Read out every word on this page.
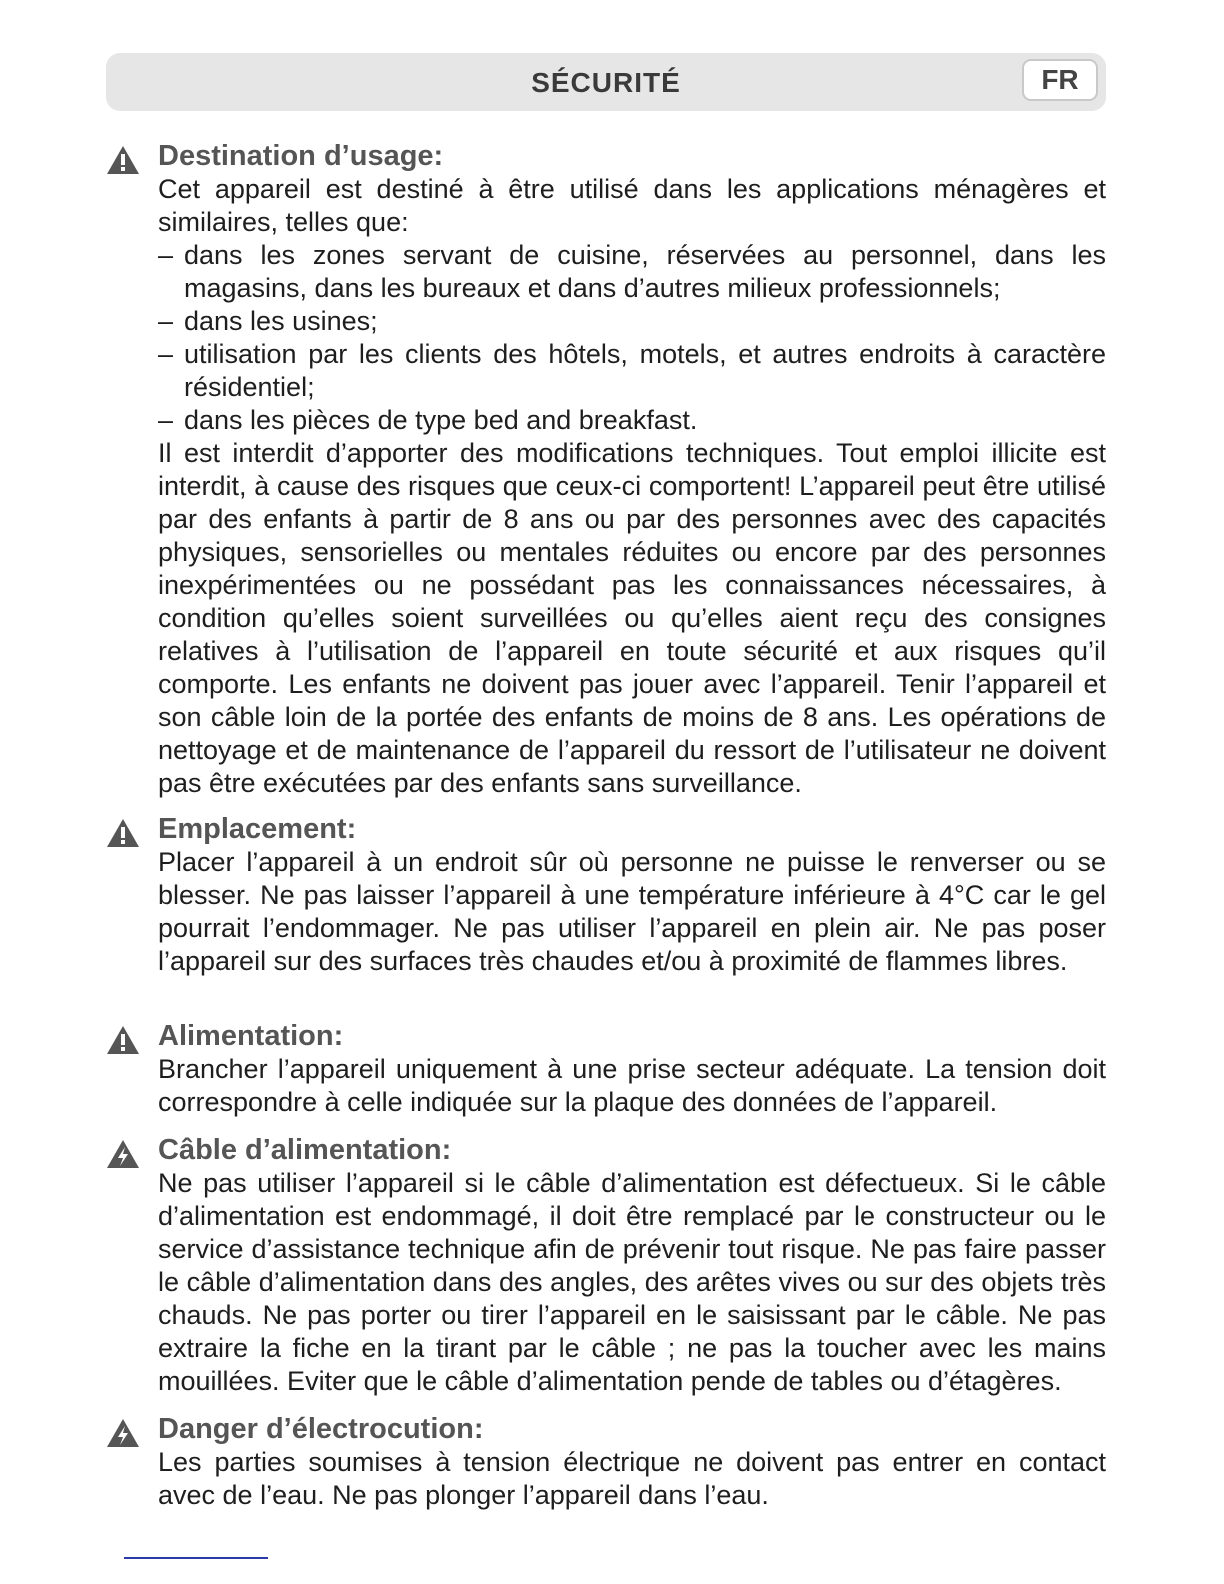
SÉCURITÉ	FR
Destination d’usage:
Cet appareil est destiné à être utilisé dans les applications ménagères et similaires, telles que:
– dans les zones servant de cuisine, réservées au personnel, dans les magasins, dans les bureaux et dans d’autres milieux professionnels;
– dans les usines;
– utilisation par les clients des hôtels, motels, et autres endroits à caractère résidentiel;
– dans les pièces de type bed and breakfast.
Il est interdit d’apporter des modifications techniques. Tout emploi illicite est interdit, à cause des risques que ceux-ci comportent! L’appareil peut être utilisé par des enfants à partir de 8 ans ou par des personnes avec des capacités physiques, sensorielles ou mentales réduites ou encore par des personnes inexpérimentées ou ne possédant pas les connaissances nécessaires, à condition qu’elles soient surveillées ou qu’elles aient reçu des consignes relatives à l’utilisation de l’appareil en toute sécurité et aux risques qu’il comporte. Les enfants ne doivent pas jouer avec l’appareil. Tenir l’appareil et son câble loin de la portée des enfants de moins de 8 ans. Les opérations de nettoyage et de maintenance de l’appareil du ressort de l’utilisateur ne doivent pas être exécutées par des enfants sans surveillance.
Emplacement:
Placer l’appareil à un endroit sûr où personne ne puisse le renverser ou se blesser. Ne pas laisser l’appareil à une température inférieure à 4°C car le gel pourrait l’endommager. Ne pas utiliser l’appareil en plein air. Ne pas poser l’appareil sur des surfaces très chaudes et/ou à proximité de flammes libres.
Alimentation:
Brancher l’appareil uniquement à une prise secteur adéquate. La tension doit correspondre à celle indiquée sur la plaque des données de l’appareil.
Câble d’alimentation:
Ne pas utiliser l’appareil si le câble d’alimentation est défectueux. Si le câble d’alimentation est endommagé, il doit être remplacé par le constructeur ou le service d’assistance technique afin de prévenir tout risque. Ne pas faire passer le câble d’alimentation dans des angles, des arêtes vives ou sur des objets très chauds. Ne pas porter ou tirer l’appareil en le saisissant par le câble. Ne pas extraire la fiche en la tirant par le câble ; ne pas la toucher avec les mains mouillées. Eviter que le câble d’alimentation pende de tables ou d’étagères.
Danger d’électrocution:
Les parties soumises à tension électrique ne doivent pas entrer en contact avec de l’eau. Ne pas plonger l’appareil dans l’eau.
